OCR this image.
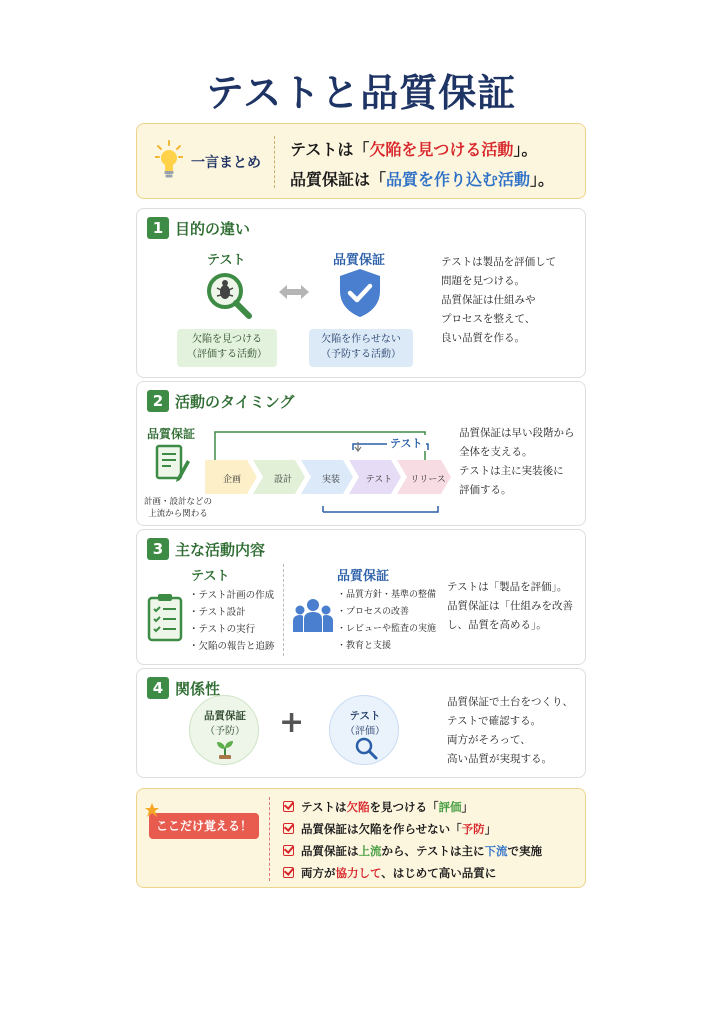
テストと品質保証
一言まとめ
テストは「欠陥を見つける活動」。
品質保証は「品質を作り込む活動」。
1 目的の違い
テスト	品質保証
欠陥を見つける
（評価する活動）
欠陥を作らせない
（予防する活動）
テストは製品を評価して
問題を見つける。
品質保証は仕組みや
プロセスを整えて、
良い品質を作る。
2 活動のタイミング
品質保証
計画・設計などの
上流から関わる
テスト
企画	設計	実装	テスト	リリース
品質保証は早い段階から
全体を支える。
テストは主に実装後に
評価する。
3 主な活動内容
テスト	品質保証
・テスト計画の作成
・テスト設計
・テストの実行
・欠陥の報告と追跡
・品質方針・基準の整備
・プロセスの改善
・レビューや監査の実施
・教育と支援
テストは「製品を評価」。
品質保証は「仕組みを改善
し、品質を高める」。
4 関係性
品質保証
（予防）	+	テスト
（評価）
品質保証で土台をつくり、
テストで確認する。
両方がそろって、
高い品質が実現する。
ここだけ覚える！
テストは欠陥を見つける「評価」
品質保証は欠陥を作らせない「予防」
品質保証は上流から、テストは主に下流で実施
両方が協力して、はじめて高い品質に
